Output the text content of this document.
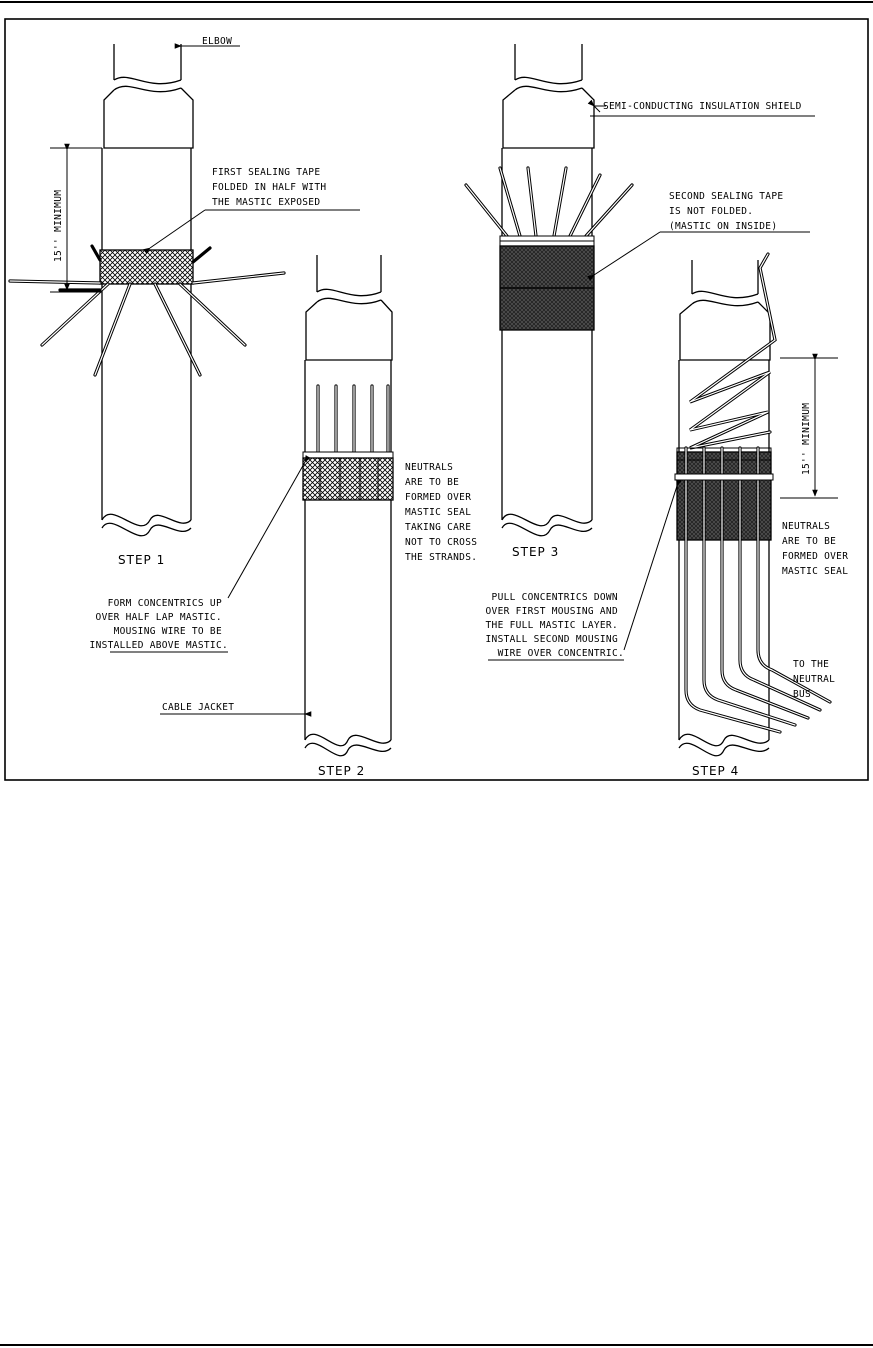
ELBOW
SEMI-CONDUCTING INSULATION SHIELD
15'' MINIMUM
15'' MINIMUM
FIRST SEALING TAPE FOLDED IN HALF WITH THE MASTIC EXPOSED
SECOND SEALING TAPE IS NOT FOLDED. (MASTIC ON INSIDE)
NEUTRALS ARE TO BE FORMED OVER MASTIC SEAL TAKING CARE NOT TO CROSS THE STRANDS.
NEUTRALS ARE TO BE FORMED OVER MASTIC SEAL
FORM CONCENTRICS UP OVER HALF LAP MASTIC. MOUSING WIRE TO BE INSTALLED ABOVE MASTIC.
PULL CONCENTRICS DOWN OVER FIRST MOUSING AND THE FULL MASTIC LAYER. INSTALL SECOND MOUSING WIRE OVER CONCENTRIC.
CABLE JACKET
TO THE NEUTRAL BUS
STEP 1
STEP 2
STEP 3
STEP 4
